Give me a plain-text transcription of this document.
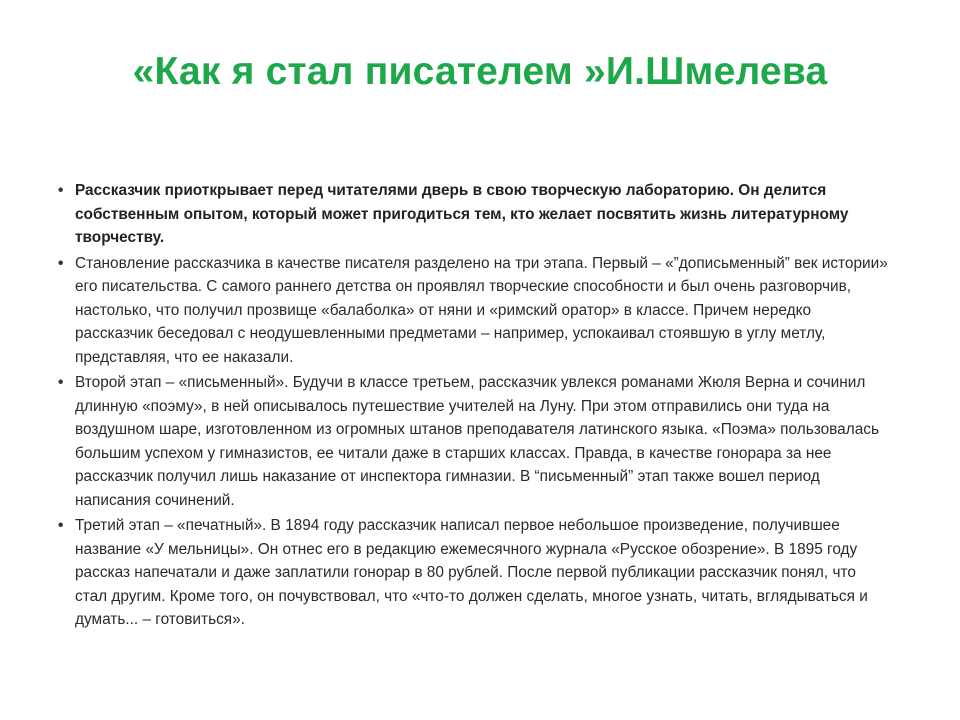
«Как я стал писателем »И.Шмелева
• Рассказчик приоткрывает перед читателями дверь в свою творческую лабораторию. Он делится собственным опытом, который может пригодиться тем, кто желает посвятить жизнь литературному творчеству.
• Становление рассказчика в качестве писателя разделено на три этапа. Первый – «”дописьменный” век истории» его писательства. С самого раннего детства он проявлял творческие способности и был очень разговорчив, настолько, что получил прозвище «балаболка» от няни и «римский оратор» в классе. Причем нередко рассказчик беседовал с неодушевленными предметами – например, успокаивал стоявшую в углу метлу, представляя, что ее наказали.
• Второй этап – «письменный». Будучи в классе третьем, рассказчик увлекся романами Жюля Верна и сочинил длинную «поэму», в ней описывалось путешествие учителей на Луну. При этом отправились они туда на воздушном шаре, изготовленном из огромных штанов преподавателя латинского языка. «Поэма» пользовалась большим успехом у гимназистов, ее читали даже в старших классах. Правда, в качестве гонорара за нее рассказчик получил лишь наказание от инспектора гимназии. В “письменный” этап также вошел период написания сочинений.
• Третий этап – «печатный». В 1894 году рассказчик написал первое небольшое произведение, получившее название «У мельницы». Он отнес его в редакцию ежемесячного журнала «Русское обозрение». В 1895 году рассказ напечатали и даже заплатили гонорар в 80 рублей. После первой публикации рассказчик понял, что стал другим. Кроме того, он почувствовал, что «что-то должен сделать, многое узнать, читать, вглядываться и думать... – готовиться».
